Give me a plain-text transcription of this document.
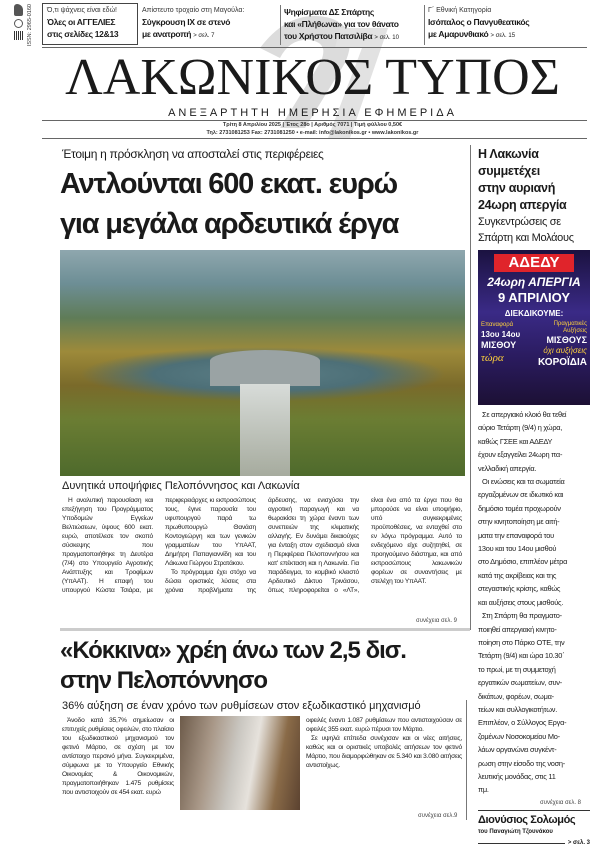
ISSN: 2965-0160 Ό,τι ψάχνεις είναι εδώ!
Όλες οι ΑΓΓΕΛΙΕΣ
στις σελίδες 12&13
Απίστευτο τροχαίο στη Μαγούλα:
Σύγκρουση ΙΧ σε στενό
με ανατροπή > σελ. 7
Ψηφίσματα ΔΣ Σπάρτης
και «Πλήθωνα» για τον θάνατο
του Χρήστου Πατσιλίβα > σελ. 10
Γ΄ Εθνική Κατηγορία
Ισόπαλος ο Πανγυθεατικός
με Αμαρυνθιακό > σελ. 15
ΛΑΚΩΝΙΚΟΣ ΤΥΠΟΣ
ΑΝΕΞΑΡΤΗΤΗ ΗΜΕΡΗΣΙΑ ΕΦΗΜΕΡΙΔΑ
Τρίτη 8 Απριλίου 2025 | Έτος 28ο | Αριθμός 7071 | Τιμή φύλλου 0,50€
Τηλ: 2731081253 Fax: 2731081250 • e-mail: info@lakonikos.gr • www.lakonikos.gr
Έτοιμη η πρόσκληση να αποσταλεί στις περιφέρειες
Αντλούνται 600 εκατ. ευρώ
για μεγάλα αρδευτικά έργα
Δυνητικά υποψήφιες Πελοπόννησος και Λακωνία

Η αναλυτική παρουσίαση και επεξήγηση του Προγράμματος Υποδομών Εγγείων Βελτιώσεων, ύψους 600 εκατ. ευρώ, αποτέλεσε τον σκοπό σύσκεψης που πραγματοποιήθηκε τη Δευτέρα (7/4) στο Υπουργείο Αγροτικής Ανάπτυξης και Τροφίμων (ΥπΑΑΤ). Η επαφή του υπουργού Κώστα Τσιάρα, με περιφερειάρχες κι εκπροσώπους τους, έγινε παρουσία του υφυπουργού παρά τω πρωθυπουργώ Θανάση Κοντογεώργη και των γενικών γραμματέων του ΥπΑΑΤ, Δημήτρη Παπαγιαννίδη και του Λάκωνα Γιώργου Στρατάκου.

Το πρόγραμμα έχει στόχο να δώσει οριστικές λύσεις στα χρόνια προβλήματα της άρδευσης, να ενισχύσει την αγροτική παραγωγή και να θωρακίσει τη χώρα έναντι των συνεπειών της κλιματικής αλλαγής. Εν δυνάμει δικαιούχες για ένταξη στον σχεδιασμό είναι η Περιφέρεια Πελοποννήσου και κατ' επέκταση και η Λακωνία. Για παράδειγμα, το κομβικό κλειστό Αρδευτικό Δίκτυο Τρινάσου, όπως πληροφορείται ο «ΛΤ», είναι ένα από τα έργα που θα μπορούσε να είναι υποψήφιο, υπό συγκεκριμένες προϋποθέσεις, να ενταχθεί στο εν λόγω πρόγραμμα. Αυτό το ενδεχόμενο είχε συζητηθεί, σε προηγούμενο διάστημα, και από εκπροσώπους λακωνικών φορέων σε συναντήσεις με στελέχη του ΥπΑΑΤ.

συνέχεια σελ. 9
«Κόκκινα» χρέη άνω των 2,5 δισ.
στην Πελοπόννησο
36% αύξηση σε έναν χρόνο των ρυθμίσεων στον εξωδικαστικό μηχανισμό
Άνοδο κατά 35,7% σημείωσαν οι επιτυχείς ρυθμίσεις οφειλών, στο πλαίσιο του εξωδικαστικού μηχανισμού τον φετινό Μάρτιο, σε σχέση με τον αντίστοιχο περσινό μήνα. Συγκεκριμένα, σύμφωνα με το Υπουργείο Εθνικής Οικονομίας & Οικονομικών, πραγματοποιήθηκαν 1.475 ρυθμίσεις που αντιστοιχούν σε 454 εκατ. ευρώ

οφειλές έναντι 1.087 ρυθμίσεων που αντιστοιχούσαν σε οφειλές 355 εκατ. ευρώ πέρυσι τον Μάρτιο.

Σε υψηλά επίπεδα συνέχισαν και οι νέες αιτήσεις, καθώς και οι οριστικές υποβολές αιτήσεων τον φετινό Μάρτιο, που διαμορφώθηκαν σε 5.340 και 3.080 αιτήσεις αντιστοίχως.

συνέχεια σελ.9
Η Λακωνία
συμμετέχει
στην αυριανή
24ωρη απεργία
Συγκεντρώσεις σε
Σπάρτη και Μολάους
ΑΔΕΔΥ
24ωρη ΑΠΕΡΓΙΑ
9 ΑΠΡΙΛΙΟΥ
ΔΙΕΚΔΙΚΟΥΜΕ:
Επαναφορά
13ου 14ου
ΜΙΣΘΟΥ
τώρα
Πραγματικές Αυξήσεις
ΜΙΣΘΟΥΣ
όχι αυξήσεις
ΚΟΡΟΪΔΙΑ
Σε απεργιακό κλοιό θα τεθεί
αύριο Τετάρτη (9/4) η χώρα,
καθώς ΓΣΕΕ και ΑΔΕΔΥ
έχουν εξαγγείλει 24ωρη πα-
νελλαδική απεργία.
Οι ενώσεις και τα σωματεία
εργαζομένων σε ιδιωτικό και
δημόσιο τομέα προχωρούν
στην κινητοποίηση με αιτή-
ματα την επαναφορά του
13ου και του 14ου μισθού
στο Δημόσιο, επιπλέον μέτρα
κατά της ακρίβειας και της
στεγαστικής κρίσης, καθώς
και αυξήσεις στους μισθούς.
Στη Σπάρτη θα πραγματο-
ποιηθεί απεργιακή κινητο-
ποίηση στο Πάρκο ΟΤΕ, την
Τετάρτη (9/4) και ώρα 10.30΄
το πρωί, με τη συμμετοχή
εργατικών σωματείων, συν-
δικάτων, φορέων, σωμα-
τείων και συλλογικοτήτων.
Επιπλέον, ο Σύλλογος Εργα-
ζομένων Νοσοκομείου Μο-
λάων οργανώνει συγκέντ-
ρωση στην είσοδο της νοση-
λευτικής μονάδας, στις 11
πμ.
συνέχεια σελ. 8
Διονύσιος Σολωμός
του Παναγιώτη Τζουνάκου
> σελ. 3
